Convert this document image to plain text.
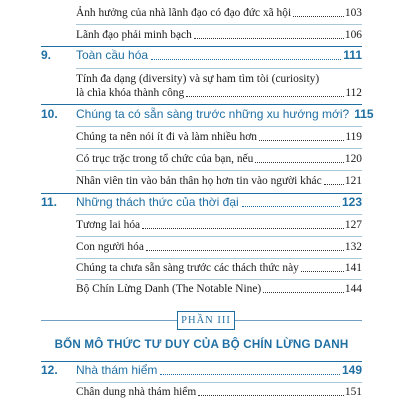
Ảnh hưởng của nhà lãnh đạo có đạo đức xã hội	103
Lãnh đạo phải minh bạch	106
9.	Toàn cầu hóa	111
Tính đa dạng (diversity) và sự ham tìm tòi (curiosity)
là chìa khóa thành công	112
10.	Chúng ta có sẵn sàng trước những xu hướng mới? 115
Chúng ta nên nói ít đi và làm nhiều hơn	119
Có trục trặc trong tổ chức của bạn, nếu	120
Nhân viên tin vào bản thân họ hơn tin vào người khác 121
11.	Những thách thức của thời đại	123
Tương lai hóa	127
Con người hóa	132
Chúng ta chưa sẵn sàng trước các thách thức này	141
Bộ Chín Lừng Danh (The Notable Nine)	144
PHẦN III
BỐN MÔ THỨC TƯ DUY CỦA BỘ CHÍN LỪNG DANH
12.	Nhà thám hiểm	149
Chân dung nhà thám hiểm	151
